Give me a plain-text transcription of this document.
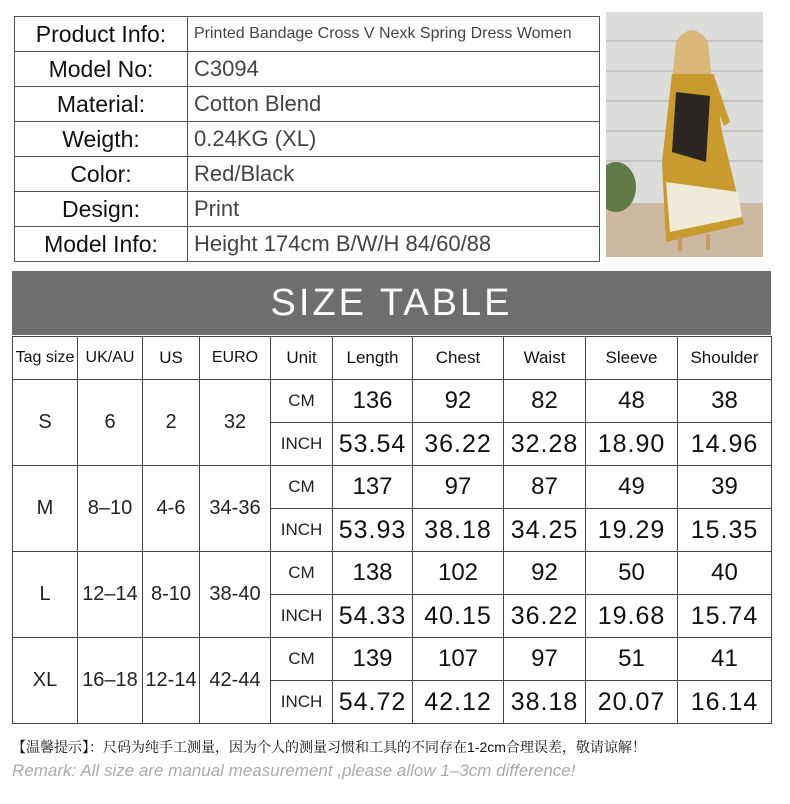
Product Info:	Printed Bandage Cross V Nexk Spring Dress Women
Model No:	C3094
Material:	Cotton Blend
Weigth:	0.24KG (XL)
Color:	Red/Black
Design:	Print
Model Info:	Height 174cm B/W/H 84/60/88
SIZE TABLE
Tag size	UK/AU	US	EURO	Unit	Length	Chest	Waist	Sleeve	Shoulder
S	6	2	32	CM	136	92	82	48	38
				INCH	53.54	36.22	32.28	18.90	14.96
M	8–10	4-6	34-36	CM	137	97	87	49	39
				INCH	53.93	38.18	34.25	19.29	15.35
L	12–14	8-10	38-40	CM	138	102	92	50	40
				INCH	54.33	40.15	36.22	19.68	15.74
XL	16–18	12-14	42-44	CM	139	107	97	51	41
				INCH	54.72	42.12	38.18	20.07	16.14
【温馨提示】：尺码为纯手工测量，因为个人的测量习惯和工具的不同存在1-2cm合理误差，敬请谅解！
Remark: All size are manual measurement ,please allow 1–3cm difference!
